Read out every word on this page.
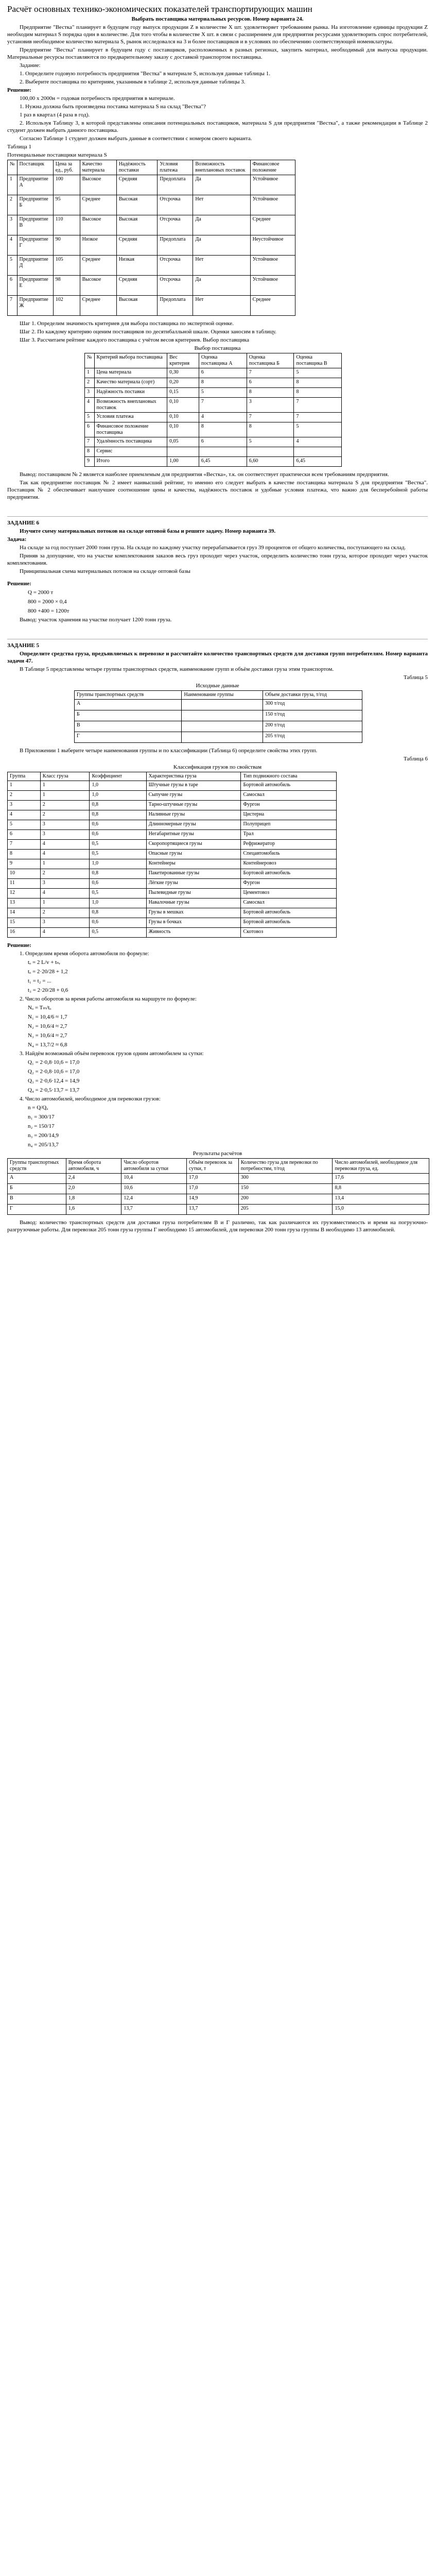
Расчёт основных технико-экономических показателей транспортирующих машин
Выбрать поставщика материальных ресурсов. Номер варианта 24.
Предприятие "Вестка" планирует в будущем году выпуск продукции Z в количестве Х шт. удовлетворяет требованиям рынка. На изготовление единицы продукции Z необходим материал S порядка один в количестве. Для того чтобы в количестве Х шт. в связи с расширением для предприятия ресурсами удовлетворить спрос потребителей, установив необходимое количество материала S, рынок исследовался на 3 и более поставщиков и в условиях по обеспечению соответствующей номенклатуры.
Предприятие "Вестка" планирует в будущем году с поставщиков, расположенных в разных регионах, закупить материал, необходимый для выпуска продукции. Материальные ресурсы поставляются по предварительному заказу с доставкой транспортом поставщика.
Задание:
1. Определите годовую потребность предприятия "Вестка" в материале S, используя данные таблицы 1.
2. Выберите поставщика по критериям, указанным в таблице 2, используя данные таблицы 3.
Решение:
100,00 х 2000н = годовая потребность предприятия в материале.
1. Нужна должна быть произведена поставка материала S на склад "Вестка"?
1 раз в квартал (4 раза в год).
2. Используя Таблицу 3, в которой представлены описания потенциальных поставщиков, материала S для предприятия "Вестка", а также рекомендации в Таблице 2 студент должен выбрать данного поставщика.
Согласно Таблице 1 студент должен выбрать данные в соответствии с номером своего варианта.
Таблица 1
Потенциальные поставщики материала S
№	Поставщик	Цена за ед., руб.	Качество материала	Надёжность поставки	Условия платежа	Возможность внеплановых поставок	Финансовое положение
1	Предприятие А	100	Высокое	Средняя	Предоплата	Да	Устойчивое
2	Предприятие Б	95	Среднее	Высокая	Отсрочка	Нет	Устойчивое
3	Предприятие В	110	Высокое	Высокая	Отсрочка	Да	Среднее
4	Предприятие Г	90	Низкое	Средняя	Предоплата	Да	Неустойчивое
5	Предприятие Д	105	Среднее	Низкая	Отсрочка	Нет	Устойчивое
6	Предприятие Е	98	Высокое	Средняя	Отсрочка	Да	Устойчивое
7	Предприятие Ж	102	Среднее	Высокая	Предоплата	Нет	Среднее
Шаг 1. Определим значимость критериев для выбора поставщика по экспертной оценке.
Шаг 2. По каждому критерию оценим поставщиков по десятибалльной шкале. Оценки заносим в таблицу.
Шаг 3. Рассчитаем рейтинг каждого поставщика с учётом весов критериев. Выбор поставщика
Выбор поставщика
№	Критерий выбора поставщика	Вес критерия	Оценка поставщика А	Оценка поставщика Б	Оценка поставщика В
1	Цена материала	0,30	6	7	5
2	Качество материала (сорт)	0,20	8	6	8
3	Надёжность поставки	0,15	5	8	8
4	Возможность внеплановых поставок	0,10	7	3	7
5	Условия платежа	0,10	4	7	7
6	Финансовое положение поставщика	0,10	8	8	5
7	Удалённость поставщика	0,05	6	5	4
8	Сервис				
9	Итого	1,00	6,45	6,60	6,45
Вывод: поставщиком № 2 является наиболее приемлемым для предприятия «Вестка», т.к. он соответствует практически всем требованиям предприятия.
Так как предприятие поставщик № 2 имеет наивысший рейтинг, то именно его следует выбрать в качестве поставщика материала S для предприятия "Вестка". Поставщик № 2 обеспечивает наилучшее соотношение цены и качества, надёжность поставок и удобные условия платежа, что важно для бесперебойной работы предприятия.
ЗАДАНИЕ 6
Изучите схему материальных потоков на складе оптовой базы и решите задачу. Номер варианта 39.
Задача:
На складе за год поступает 2000 тонн груза. На складе по каждому участку перерабатывается груз 39 процентов от общего количества, поступающего на склад.
Приняв за допущение, что на участке комплектования заказов весь груз проходит через участок, определить количество тонн груза, которое проходит через участок комплектования.
Принципиальная схема материальных потоков на складе оптовой базы
Решение:
Q = 2000 т
800 = 2000 × 0,4
800 +400 = 1200т
Вывод: участок хранения на участке получает 1200 тонн груза.
ЗАДАНИЕ 5
Определите средства груза, предъявляемых к перевозке и рассчитайте количество транспортных средств для доставки групп потребителям. Номер варианта задачи 47.
В Таблице 5 представлены четыре группы транспортных средств, наименование групп и объём доставки груза этим транспортом.
Таблица 5
Исходные данные
Группы транспортных средств	Наименование группы	Объем доставки груза, т/год
А		300 т/год
Б		150 т/год
В		200 т/год
Г		205 т/год
В Приложении 1 выберите четыре наименования группы и по классификации (Таблица 6) определите свойства этих групп.
Таблица 6
Классификация грузов по свойствам
Группа	Класс груза	Коэффициент	Характеристика груза	Тип подвижного состава
1	1	1,0	Штучные грузы в таре	Бортовой автомобиль
2	1	1,0	Сыпучие грузы	Самосвал
3	2	0,8	Тарно-штучные грузы	Фургон
4	2	0,8	Наливные грузы	Цистерна
5	3	0,6	Длинномерные грузы	Полуприцеп
6	3	0,6	Негабаритные грузы	Трал
7	4	0,5	Скоропортящиеся грузы	Рефрижератор
8	4	0,5	Опасные грузы	Спецавтомобиль
9	1	1,0	Контейнеры	Контейнеровоз
10	2	0,8	Пакетированные грузы	Бортовой автомобиль
11	3	0,6	Лёгкие грузы	Фургон
12	4	0,5	Пылевидные грузы	Цементовоз
13	1	1,0	Навалочные грузы	Самосвал
14	2	0,8	Грузы в мешках	Бортовой автомобиль
15	3	0,6	Грузы в бочках	Бортовой автомобиль
16	4	0,5	Живность	Скотовоз
Решение:
1. Определим время оборота автомобиля по формуле:
tₒ = 2 L/v + tₙᵣ
tₒ = 2·20/28 + 1,2
t₁ = t₂ = ...
t₃ = 2·20/28 + 0,6
2. Число оборотов за время работы автомобиля на маршруте по формуле:
Nₒ = Tₘ/tₒ
N₁ = 10,4/6 ≈ 1,7
N₂ = 10,6/4 ≈ 2,7
N₃ = 10,6/4 ≈ 2,7
N₄ = 13,7/2 ≈ 6,8
3. Найдём возможный объём перевозок грузов одним автомобилем за сутки:
Q₁ = 2·0,8·10,6 = 17,0
Q₂ = 2·0,8·10,6 = 17,0
Q₃ = 2·0,6·12,4 = 14,9
Q₄ = 2·0,5·13,7 = 13,7
4. Число автомобилей, необходимое для перевозки грузов:
n = Q/Qₐ
n₁ = 300/17
n₂ = 150/17
n₃ = 200/14,9
n₄ = 205/13,7
Результаты расчётов
Группы транспортных средств	Время оборота автомобиля, ч	Число оборотов автомобиля за сутки	Объём перевозок за сутки, т	Количество груза для перевозки по потребностям, т/год	Число автомобилей, необходимое для перевозки груза, ед.
А	2,4	10,4	17,0	300	17,6
Б	2,0	10,6	17,0	150	8,8
В	1,8	12,4	14,9	200	13,4
Г	1,6	13,7	13,7	205	15,0
Вывод: количество транспортных средств для доставки груза потребителям В и Г различно, так как различаются их грузовместимость и время на погрузочно-разгрузочные работы. Для перевозки 205 тонн груза группы Г необходимо 15 автомобилей, для перевозки 200 тонн груза группы В необходимо 13 автомобилей.
